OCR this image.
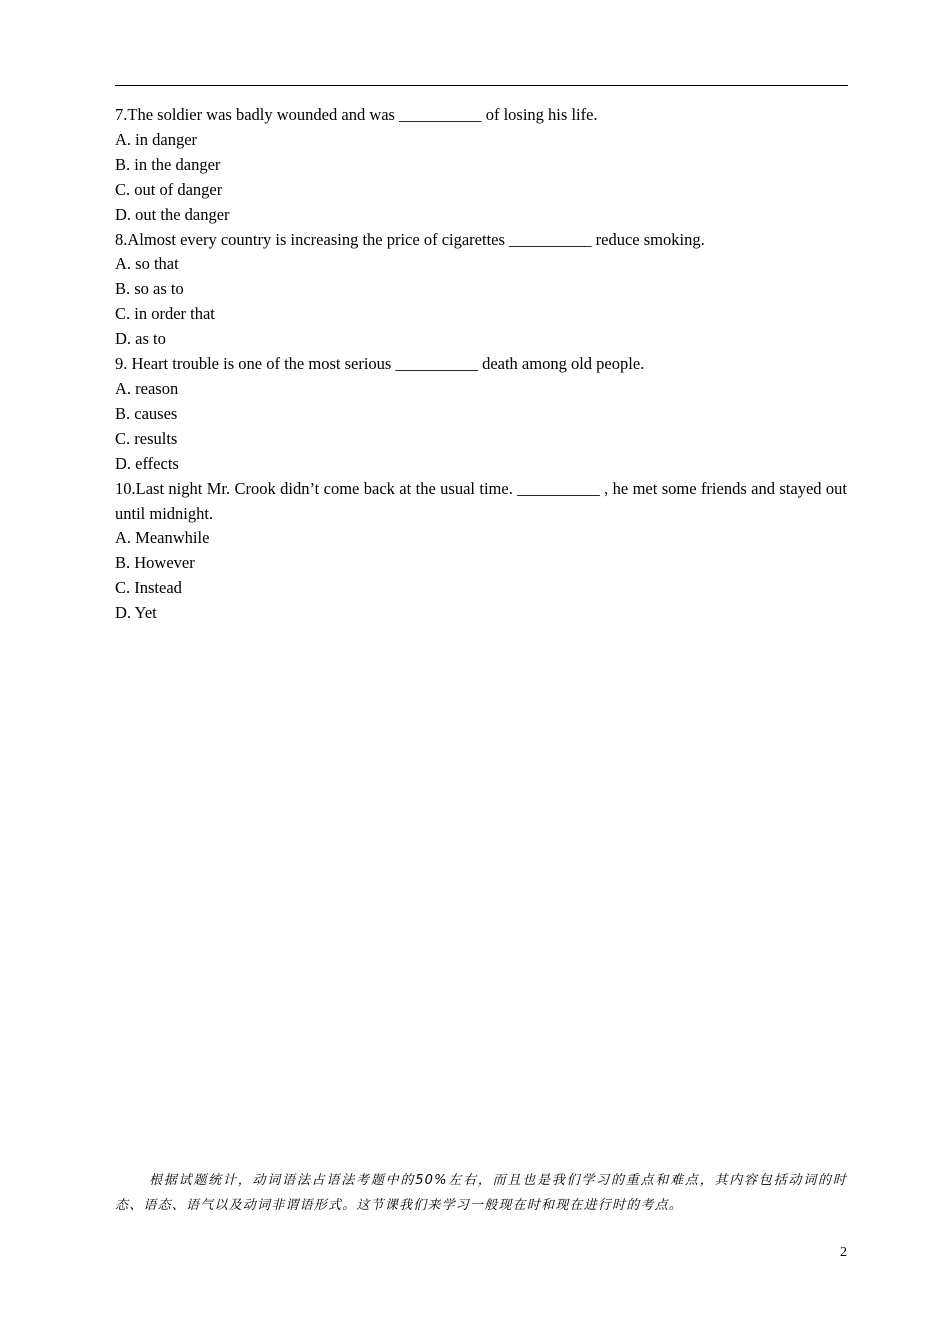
7.The soldier was badly wounded and was __________ of losing his life.

A. in danger

B. in the danger

C. out of danger

D. out the danger

8.Almost every country is increasing the price of cigarettes __________ reduce smoking.

A. so that

B. so as to

C. in order that

D. as to

9. Heart trouble is one of the most serious __________ death among old people.

A. reason

B. causes

C. results

D. effects

10.Last night Mr. Crook didn’t come back at the usual time. __________ , he met some friends and stayed out until midnight.

A. Meanwhile

B. However

C. Instead

D. Yet

根据试题统计，动词语法占语法考题中的50%左右，而且也是我们学习的重点和难点，其内容包括动词的时态、语态、语气以及动词非谓语形式。这节课我们来学习一般现在时和现在进行时的考点。

2
